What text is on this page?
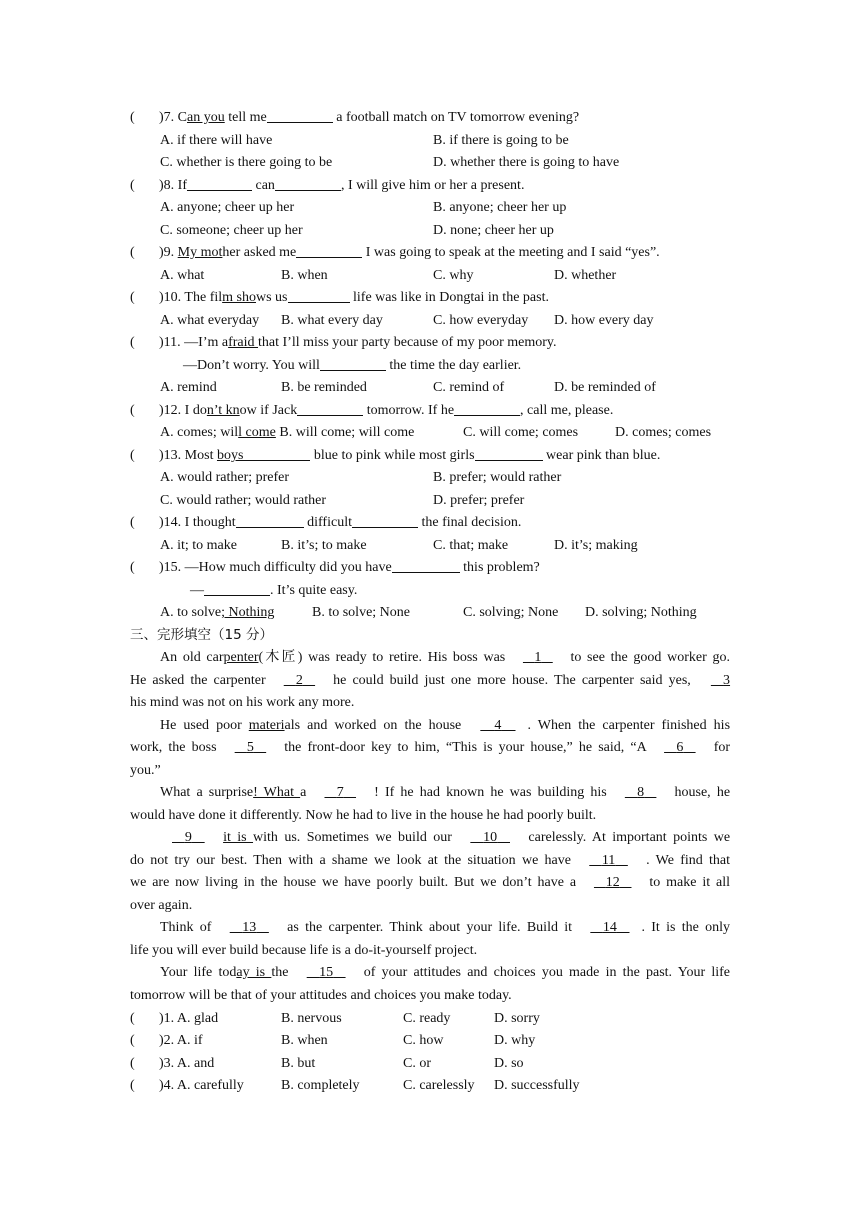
( )7. Can you tell me	a football match on TV tomorrow evening?
A. if there will have	B. if there is going to be
C. whether is there going to be	D. whether there is going to have
( )8. If	can	, I will give him or her a present.
A. anyone; cheer up her	B. anyone; cheer her up
C. someone; cheer up her	D. none; cheer her up
( )9. My mother asked me	I was going to speak at the meeting and I said “yes”.
A. what	B. when	C. why	D. whether
( )10. The film shows us	life was like in Dongtai in the past.
A. what everyday B. what every day	C. how everyday D. how every day
( )11. —I’m afraid that I’ll miss your party because of my poor memory.
—Don’t worry. You will	the time the day earlier.
A. remind	B. be reminded	C. remind of	D. be reminded of
( )12. I don’t know if Jack	tomorrow. If he	, call me, please.
A. comes; will come B. will come; will come	C. will come; comes	D. comes; comes
( )13. Most boys	blue to pink while most girls	wear pink than blue.
A. would rather; prefer	B. prefer; would rather
C. would rather; would rather	D. prefer; prefer
( )14. I thought	difficult	the final decision.
A. it; to make	B. it’s; to make	C. that; make	D. it’s; making
( )15. —How much difficulty did you have	this problem?
—	. It’s quite easy.
A. to solve; Nothing	B. to solve; None	C. solving; None D. solving; Nothing
三、完形填空（15 分）
An old carpenter(木匠) was ready to retire. His boss was 1   to see the good worker go.
He asked the carpenter 2   he could build just one more house. The carpenter said yes, 3
his mind was not on his work any more.
He used poor materials and worked on the house 4 . When the carpenter finished his
work, the boss 5   the front-door key to him, “This is your house,” he said, “A 6   for
you.”
What a surprise! What a 7   ! If he had known he was building his 8   house, he
would have done it differently. Now he had to live in the house he had poorly built.
9 it is with us. Sometimes we build our 10   carelessly. At important points we
do not try our best. Then with a shame we look at the situation we have 11   . We find that
we are now living in the house we have poorly built. But we don’t have a 12   to make it all
over again.
Think of 13   as the carpenter. Think about your life. Build it 14 . It is the only
life you will ever build because life is a do-it-yourself project.
Your life today is the 15   of your attitudes and choices you made in the past. Your life
tomorrow will be that of your attitudes and choices you make today.
( )1. A. glad	B. nervous	C. ready	D. sorry
( )2. A. if	B. when	C. how	D. why
( )3. A. and	B. but	C. or	D. so
( )4. A. carefully	B. completely	C. carelessly D. successfully
